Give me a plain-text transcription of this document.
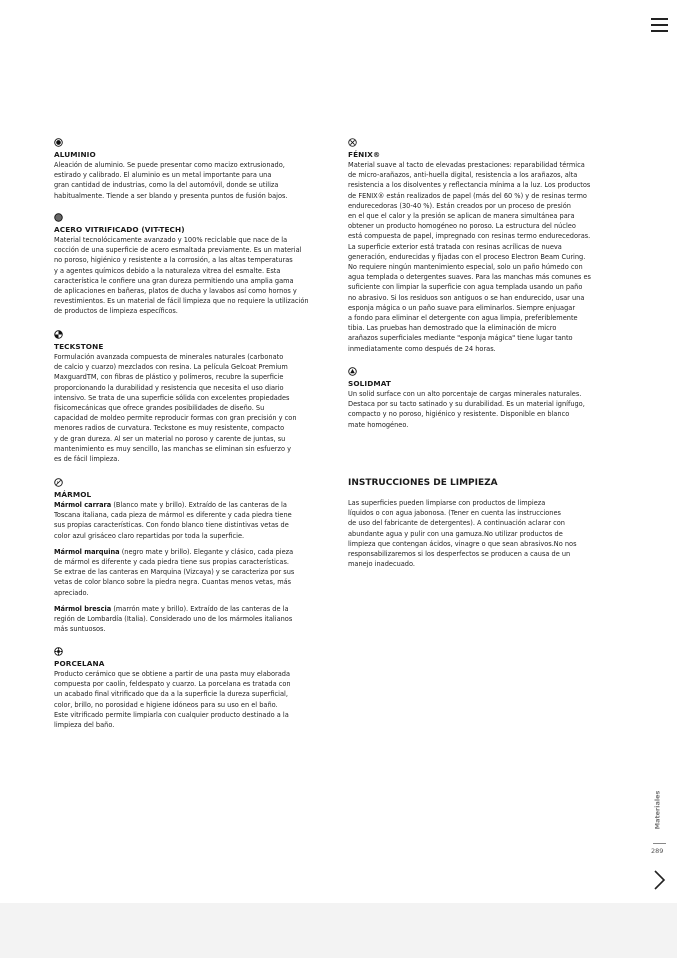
ALUMINIO
Aleación de aluminio. Se puede presentar como macizo extrusionado,
estirado y calibrado. El aluminio es un metal importante para una
gran cantidad de industrias, como la del automóvil, donde se utiliza
habitualmente. Tiende a ser blando y presenta puntos de fusión bajos.
ACERO VITRIFICADO (VIT-TECH)
Material tecnolócicamente avanzado y 100% reciclable que nace de la
cocción de una superficie de acero esmaltada previamente. Es un material
no poroso, higiénico y resistente a la corrosión, a las altas temperaturas
y a agentes químicos debido a la naturaleza vitrea del esmalte. Esta
característica le confiere una gran dureza permitiendo una amplia gama
de aplicaciones en bañeras, platos de ducha y lavabos así como hornos y
revestimientos. Es un material de fácil limpieza que no requiere la utilización
de productos de limpieza específicos.
TECKSTONE
Formulación avanzada compuesta de minerales naturales (carbonato
de calcio y cuarzo) mezclados con resina. La película Gelcoat Premium
MaxguardTM, con fibras de plástico y polímeros, recubre la superficie
proporcionando la durabilidad y resistencia que necesita el uso diario
intensivo. Se trata de una superficie sólida con excelentes propiedades
físicomecánicas que ofrece grandes posibilidades de diseño. Su
capacidad de moldeo permite reproducir formas con gran precisión y con
menores radios de curvatura. Teckstone es muy resistente, compacto
y de gran dureza. Al ser un material no poroso y carente de juntas, su
mantenimiento es muy sencillo, las manchas se eliminan sin esfuerzo y
es de fácil limpieza.
MÁRMOL
Mármol carrara (Blanco mate y brillo). Extraído de las canteras de la
Toscana italiana, cada pieza de mármol es diferente y cada piedra tiene
sus propias características. Con fondo blanco tiene distintivas vetas de
color azul grisáceo claro repartidas por toda la superficie.
Mármol marquina (negro mate y brillo). Elegante y clásico, cada pieza
de mármol es diferente y cada piedra tiene sus propias características.
Se extrae de las canteras en Marquina (Vizcaya) y se caracteriza por sus
vetas de color blanco sobre la piedra negra. Cuantas menos vetas, más
apreciado.
Mármol brescia (marrón mate y brillo). Extraído de las canteras de la
región de Lombardía (Italia). Considerado uno de los mármoles italianos
más suntuosos.
PORCELANA
Producto cerámico que se obtiene a partir de una pasta muy elaborada
compuesta por caolín, feldespato y cuarzo. La porcelana es tratada con
un acabado final vitrificado que da a la superficie la dureza superficial,
color, brillo, no porosidad e higiene idóneos para su uso en el baño.
Este vitrificado permite limpiarla con cualquier producto destinado a la
limpieza del baño.
FÉNIX®
Material suave al tacto de elevadas prestaciones: reparabilidad térmica
de micro-arañazos, anti-huella digital, resistencia a los arañazos, alta
resistencia a los disolventes y reflectancia mínima a la luz. Los productos
de FENIX® están realizados de papel (más del 60 %) y de resinas termo
endurecedoras (30-40 %). Están creados por un proceso de presión
en el que el calor y la presión se aplican de manera simultánea para
obtener un producto homogéneo no poroso. La estructura del núcleo
está compuesta de papel, impregnado con resinas termo endurecedoras.
La superficie exterior está tratada con resinas acrílicas de nueva
generación, endurecidas y fijadas con el proceso Electron Beam Curing.
No requiere ningún mantenimiento especial, solo un paño húmedo con
agua templada o detergentes suaves. Para las manchas más comunes es
suficiente con limpiar la superficie con agua templada usando un paño
no abrasivo. Si los residuos son antiguos o se han endurecido, usar una
esponja mágica o un paño suave para eliminarlos. Siempre enjuagar
a fondo para eliminar el detergente con agua limpia, preferiblemente
tibia. Las pruebas han demostrado que la eliminación de micro
arañazos superficiales mediante "esponja mágica" tiene lugar tanto
inmediatamente como después de 24 horas.
SOLIDMAT
Un solid surface con un alto porcentaje de cargas minerales naturales.
Destaca por su tacto satinado y su durabilidad. Es un material ignífugo,
compacto y no poroso, higiénico y resistente. Disponible en blanco
mate homogéneo.
INSTRUCCIONES DE LIMPIEZA
Las superficies pueden limpiarse con productos de limpieza
líquidos o con agua jabonosa. (Tener en cuenta las instrucciones
de uso del fabricante de detergentes). A continuación aclarar con
abundante agua y pulir con una gamuza.No utilizar productos de
limpieza que contengan ácidos, vinagre o que sean abrasivos.No nos
responsabilizaremos si los desperfectos se producen a causa de un
manejo inadecuado.
Materiales
289
